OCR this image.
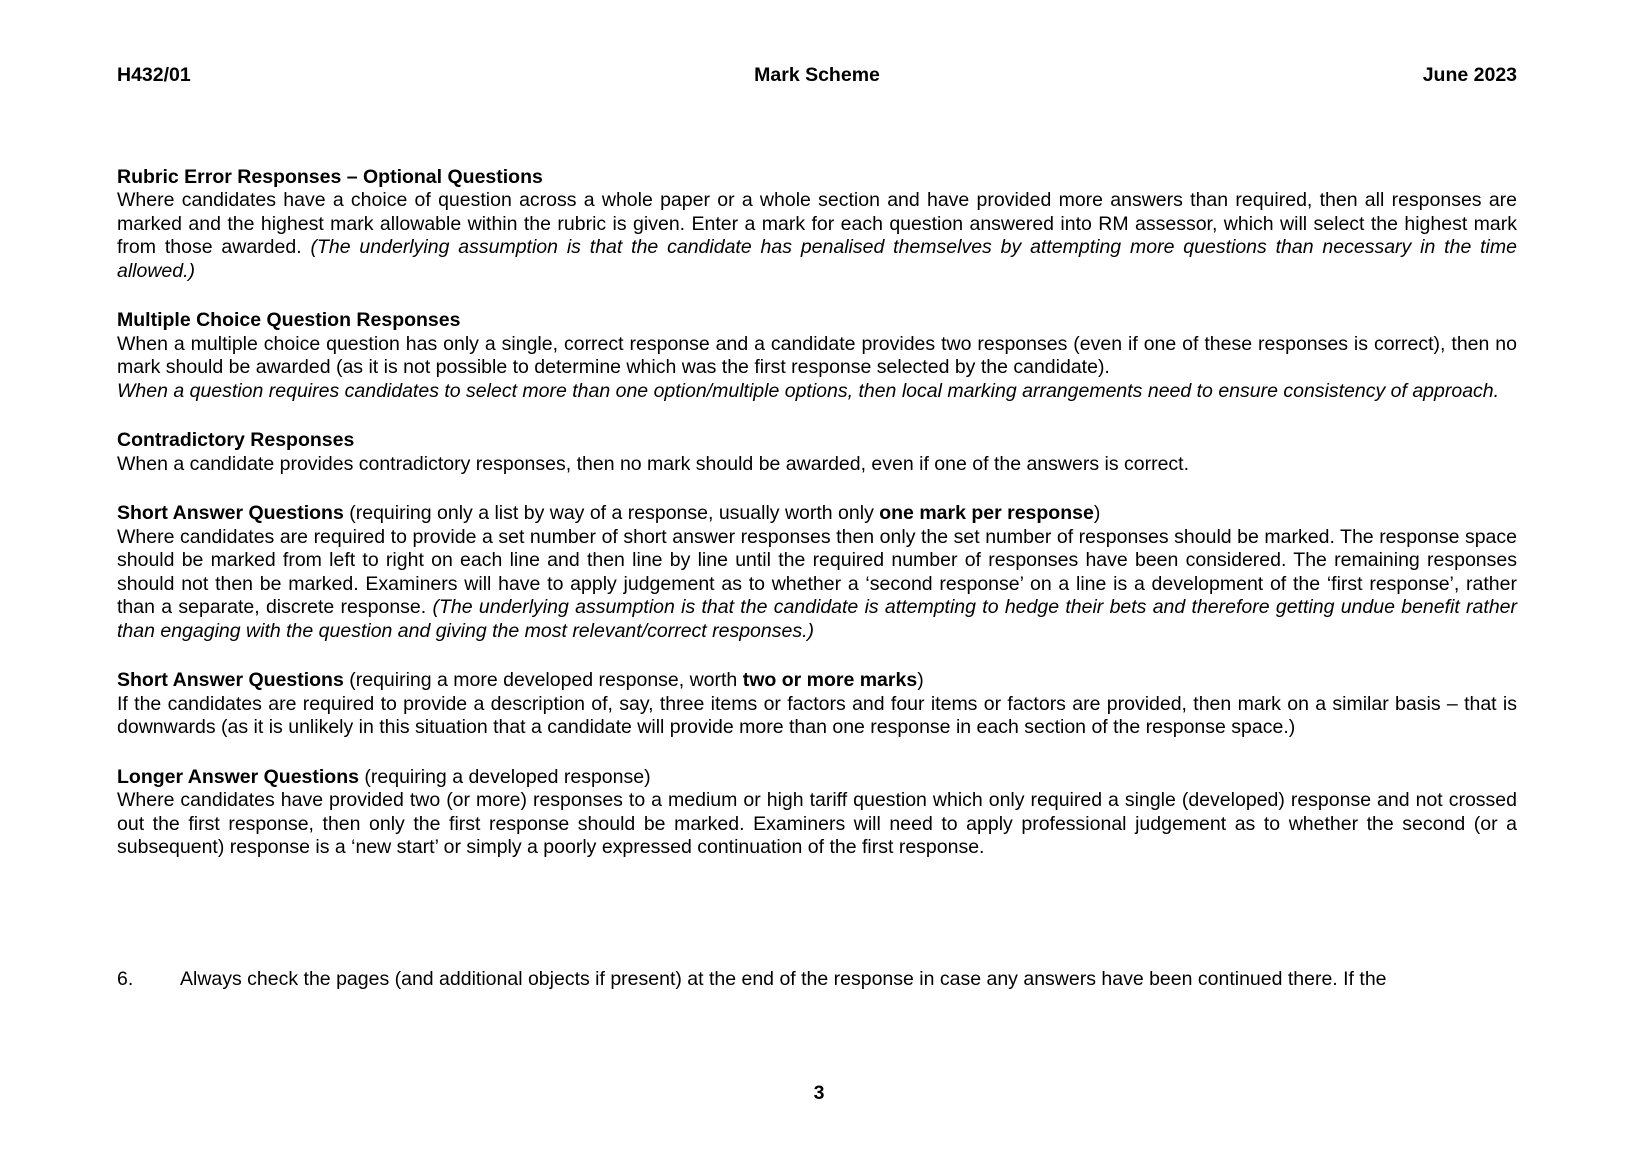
H432/01	Mark Scheme	June 2023
Rubric Error Responses – Optional Questions

Where candidates have a choice of question across a whole paper or a whole section and have provided more answers than required, then all responses are marked and the highest mark allowable within the rubric is given. Enter a mark for each question answered into RM assessor, which will select the highest mark from those awarded. (The underlying assumption is that the candidate has penalised themselves by attempting more questions than necessary in the time allowed.)

Multiple Choice Question Responses

When a multiple choice question has only a single, correct response and a candidate provides two responses (even if one of these responses is correct), then no mark should be awarded (as it is not possible to determine which was the first response selected by the candidate).

When a question requires candidates to select more than one option/multiple options, then local marking arrangements need to ensure consistency of approach.

Contradictory Responses

When a candidate provides contradictory responses, then no mark should be awarded, even if one of the answers is correct.

Short Answer Questions (requiring only a list by way of a response, usually worth only one mark per response)

Where candidates are required to provide a set number of short answer responses then only the set number of responses should be marked. The response space should be marked from left to right on each line and then line by line until the required number of responses have been considered. The remaining responses should not then be marked. Examiners will have to apply judgement as to whether a ‘second response’ on a line is a development of the ‘first response’, rather than a separate, discrete response. (The underlying assumption is that the candidate is attempting to hedge their bets and therefore getting undue benefit rather than engaging with the question and giving the most relevant/correct responses.)

Short Answer Questions (requiring a more developed response, worth two or more marks)

If the candidates are required to provide a description of, say, three items or factors and four items or factors are provided, then mark on a similar basis – that is downwards (as it is unlikely in this situation that a candidate will provide more than one response in each section of the response space.)

Longer Answer Questions (requiring a developed response)

Where candidates have provided two (or more) responses to a medium or high tariff question which only required a single (developed) response and not crossed out the first response, then only the first response should be marked. Examiners will need to apply professional judgement as to whether the second (or a subsequent) response is a ‘new start’ or simply a poorly expressed continuation of the first response.

6.	Always check the pages (and additional objects if present) at the end of the response in case any answers have been continued there. If the
3
